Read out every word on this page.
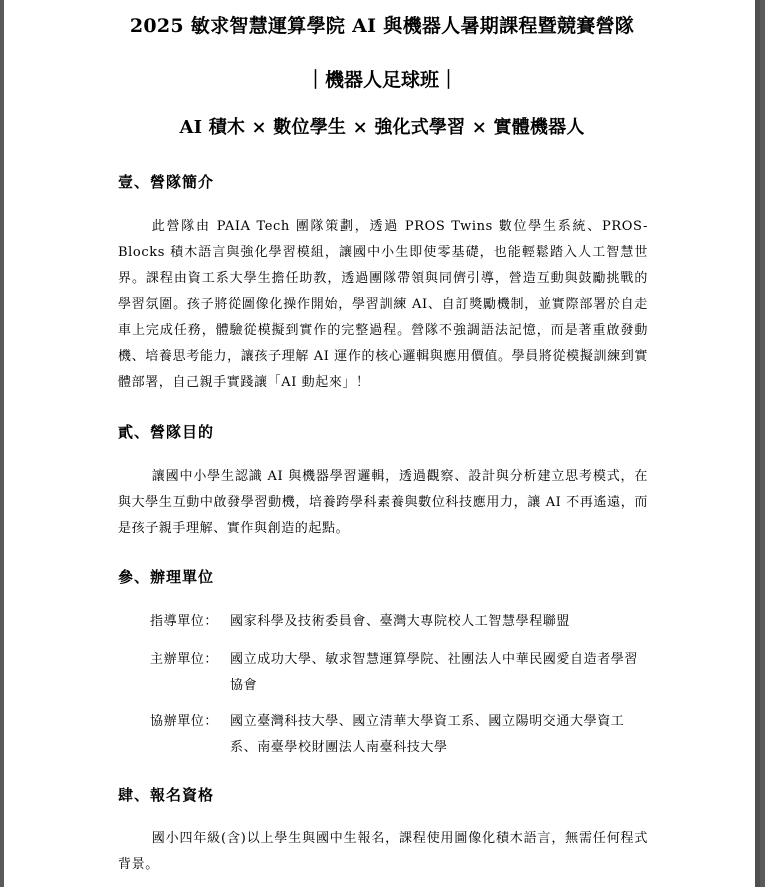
2025 敏求智慧運算學院 AI 與機器人暑期課程暨競賽營隊
｜機器人足球班｜
AI 積木 × 數位學生 × 強化式學習 × 實體機器人
壹、營隊簡介

此營隊由 PAIA Tech 團隊策劃，透過 PROS Twins 數位學生系統、PROS-Blocks 積木語言與強化學習模組，讓國中小生即使零基礎，也能輕鬆踏入人工智慧世界。課程由資工系大學生擔任助教，透過團隊帶領與同儕引導，營造互動與鼓勵挑戰的學習氛圍。孩子將從圖像化操作開始，學習訓練 AI、自訂獎勵機制，並實際部署於自走車上完成任務，體驗從模擬到實作的完整過程。營隊不強調語法記憶，而是著重啟發動機、培養思考能力，讓孩子理解 AI 運作的核心邏輯與應用價值。學員將從模擬訓練到實體部署，自己親手實踐讓「AI 動起來」！

貳、營隊目的

讓國中小學生認識 AI 與機器學習邏輯，透過觀察、設計與分析建立思考模式，在與大學生互動中啟發學習動機，培養跨學科素養與數位科技應用力，讓 AI 不再遙遠，而是孩子親手理解、實作與創造的起點。

參、辦理單位
指導單位： 國家科學及技術委員會、臺灣大專院校人工智慧學程聯盟
主辦單位： 國立成功大學、敏求智慧運算學院、社團法人中華民國愛自造者學習協會
協辦單位： 國立臺灣科技大學、國立清華大學資工系、國立陽明交通大學資工系、南臺學校財團法人南臺科技大學
肆、報名資格

國小四年級(含)以上學生與國中生報名，課程使用圖像化積木語言，無需任何程式背景。
